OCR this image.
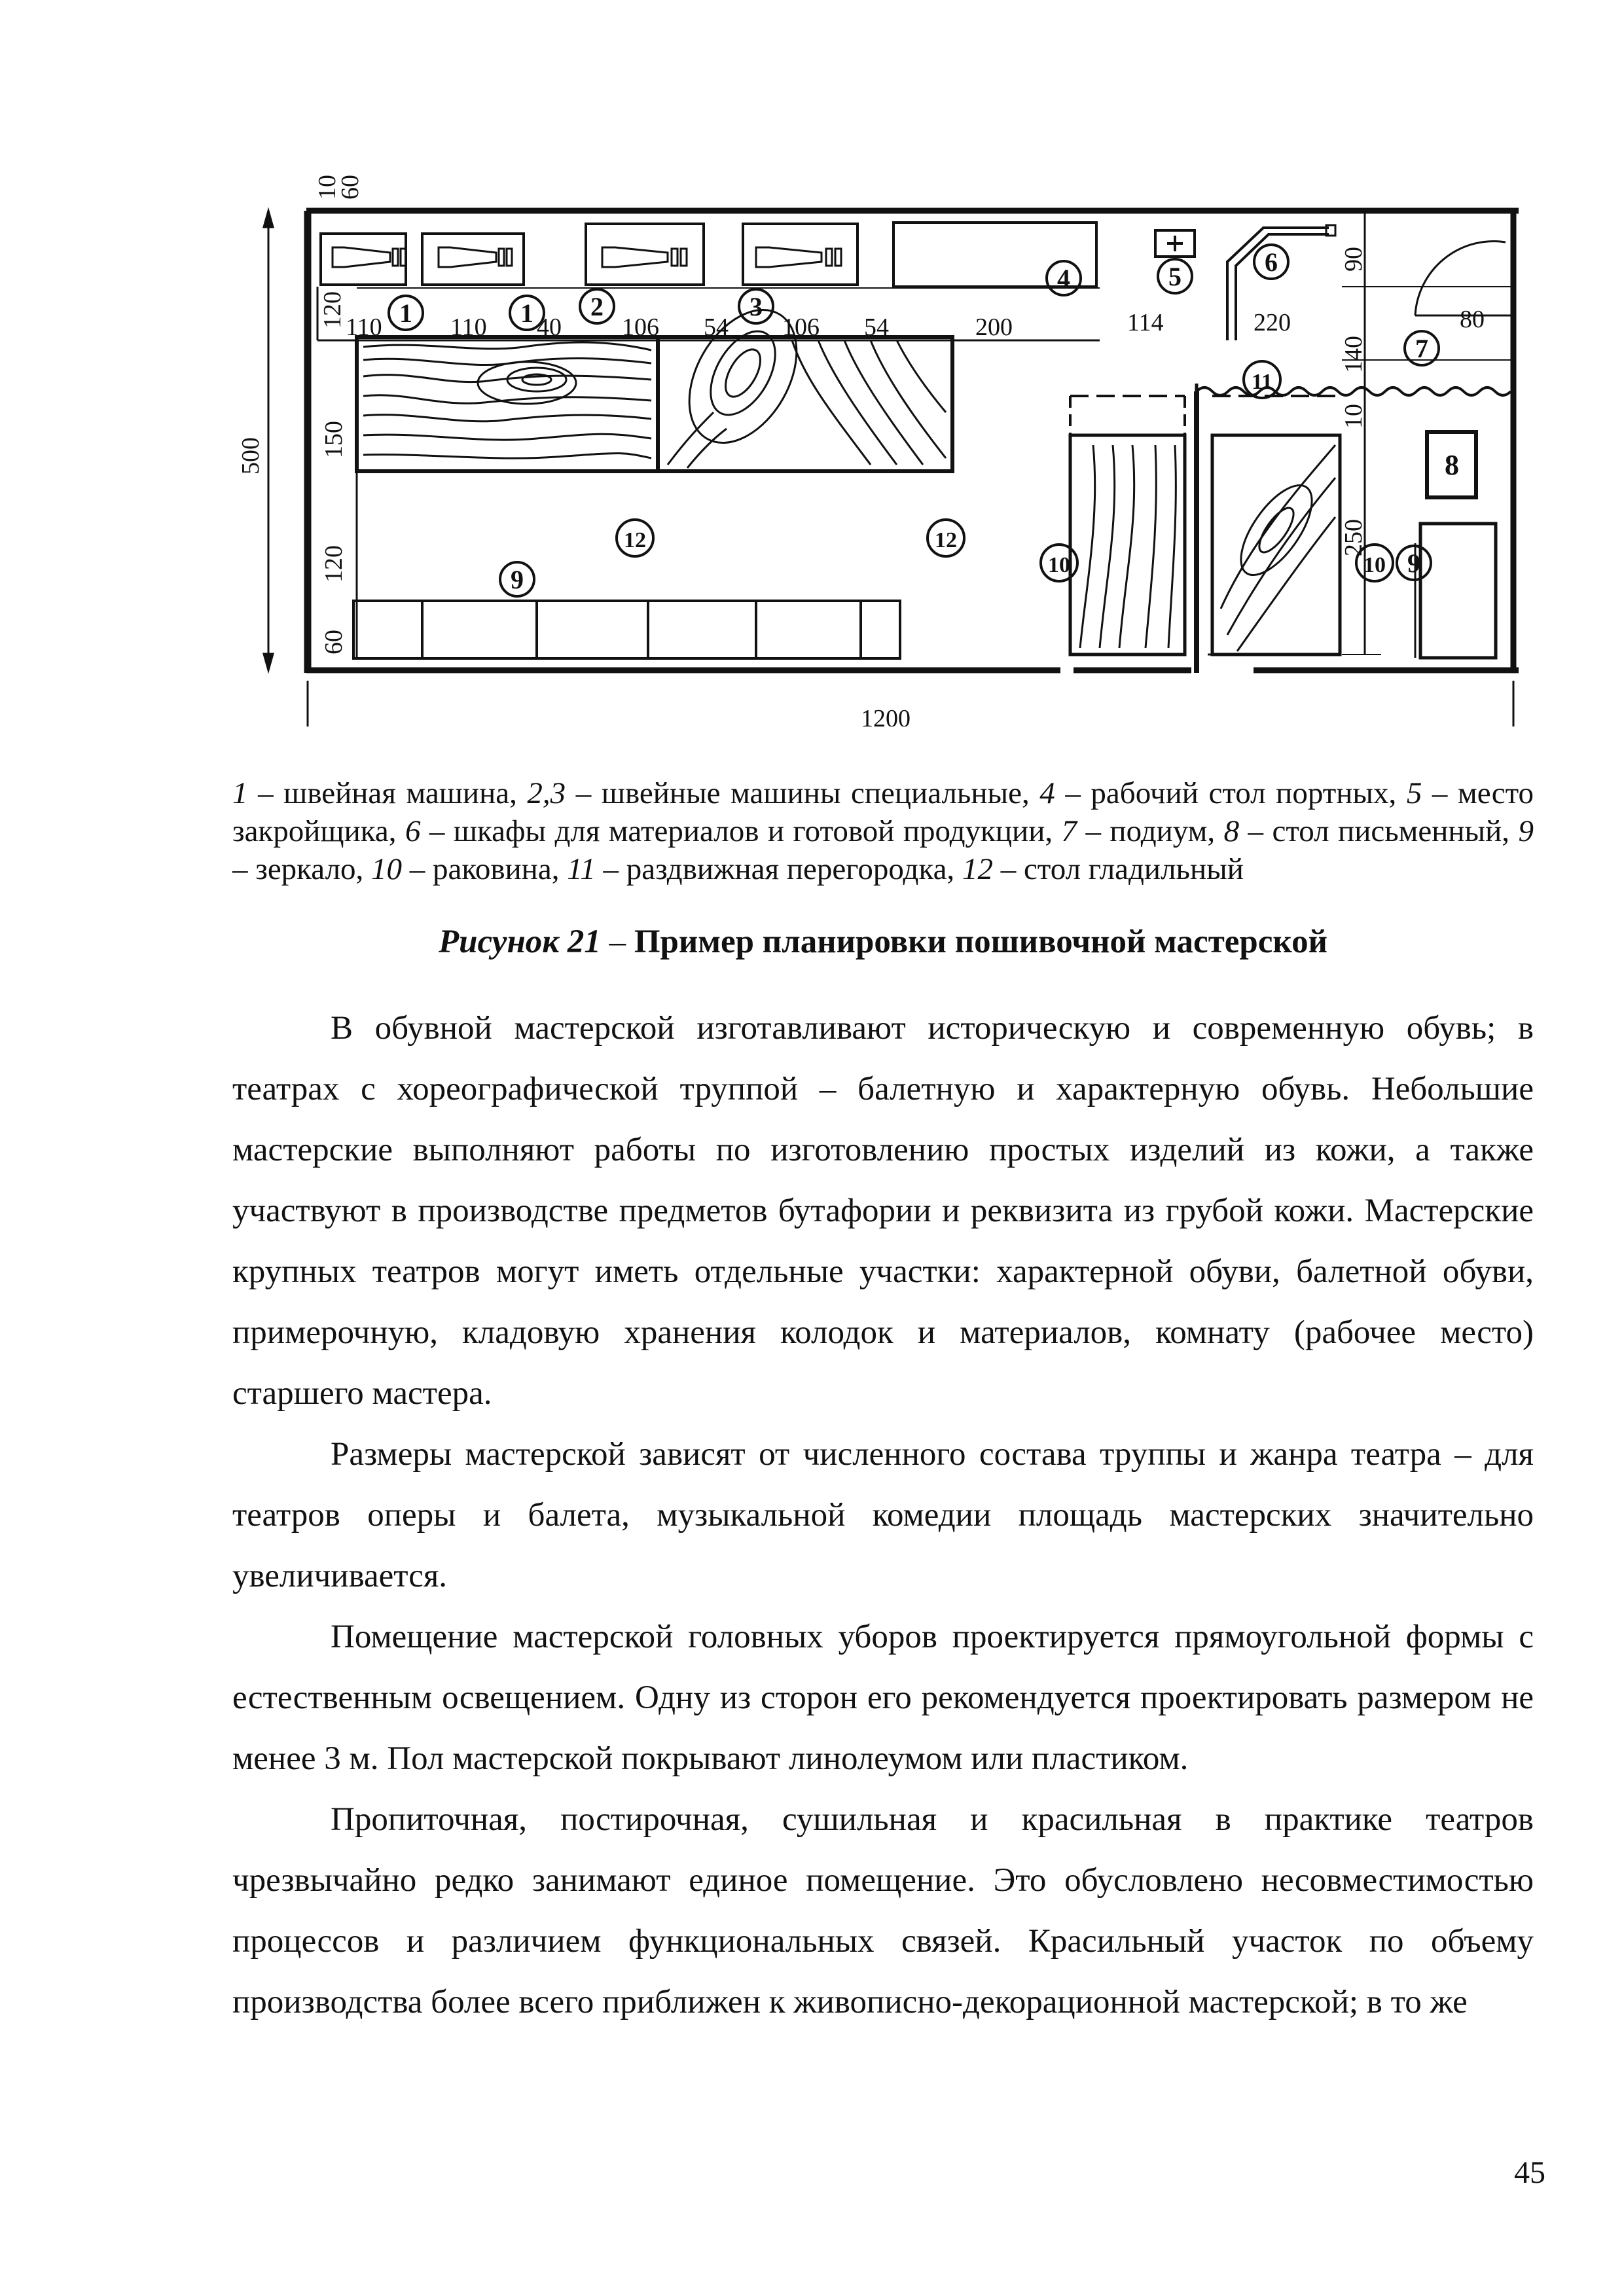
10
60
120 110	110 40 106 54 106 54	200	114	220	80
90
140
10
150
250
120
60
500
1200
1	1 2	3
4	5	6
7
8
9
9
10	10
11
12	12
1 – швейная машина, 2,3 – швейные машины специальные, 4 – рабочий стол портных, 5 – место закройщика, 6 – шкафы для материалов и готовой продукции, 7 – подиум, 8 – стол письменный, 9 – зеркало, 10 – раковина, 11 – раздвижная перегородка, 12 – стол гладильный
Рисунок 21 – Пример планировки пошивочной мастерской

В обувной мастерской изготавливают историческую и современную обувь; в театрах с хореографической труппой – балетную и характерную обувь. Небольшие мастерские выполняют работы по изготовлению простых изделий из кожи, а также участвуют в производстве предметов бутафории и реквизита из грубой кожи. Мастерские крупных театров могут иметь отдельные участки: характерной обуви, балетной обуви, примерочную, кладовую хранения колодок и материалов, комнату (рабочее место) старшего мастера.

Размеры мастерской зависят от численного состава труппы и жанра театра – для театров оперы и балета, музыкальной комедии площадь мастерских значительно увеличивается.

Помещение мастерской головных уборов проектируется прямоугольной формы с естественным освещением. Одну из сторон его рекомендуется проектировать размером не менее 3 м. Пол мастерской покрывают линолеумом или пластиком.

Пропиточная, постирочная, сушильная и красильная в практике театров чрезвычайно редко занимают единое помещение. Это обусловлено несовместимостью процессов и различием функциональных связей. Красильный участок по объему производства более всего приближен к живописно-декорационной мастерской; в то же

45
